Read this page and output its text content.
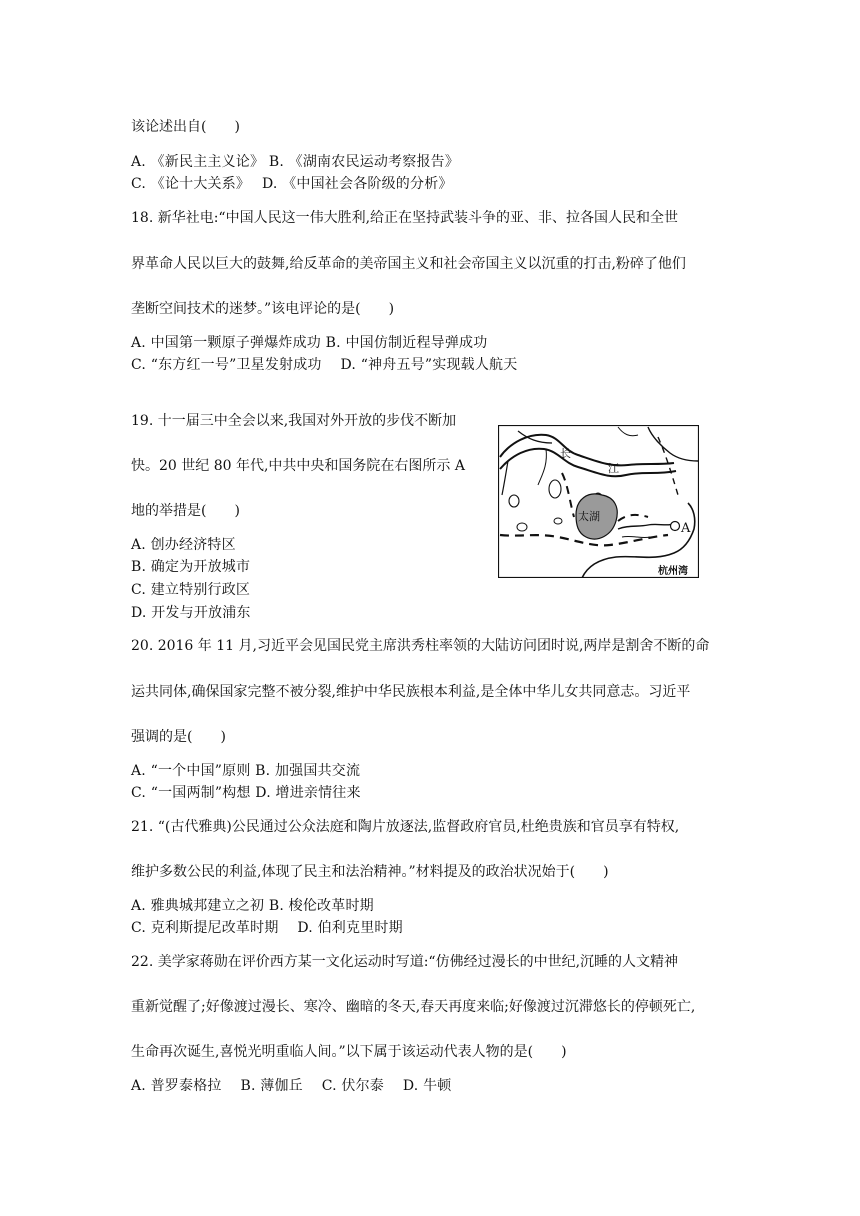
该论述出自(　　)
A. 《新民主主义论》 B. 《湖南农民运动考察报告》
C. 《论十大关系》　 D. 《中国社会各阶级的分析》
18. 新华社电:“中国人民这一伟大胜利,给正在坚持武装斗争的亚、非、拉各国人民和全世
界革命人民以巨大的鼓舞,给反革命的美帝国主义和社会帝国主义以沉重的打击,粉碎了他们
垄断空间技术的迷梦。”该电评论的是(　　)
A. 中国第一颗原子弹爆炸成功 B. 中国仿制近程导弹成功
C. “东方红一号”卫星发射成功　 D. “神舟五号”实现载人航天
19. 十一届三中全会以来,我国对外开放的步伐不断加
快。20 世纪 80 年代,中共中央和国务院在右图所示 A
地的举措是(　　)
A. 创办经济特区
B. 确定为开放城市
C. 建立特别行政区
D. 开发与开放浦东
长
江
太湖
A
杭州湾
20. 2016 年 11 月,习近平会见国民党主席洪秀柱率领的大陆访问团时说,两岸是割舍不断的命
运共同体,确保国家完整不被分裂,维护中华民族根本利益,是全体中华儿女共同意志。习近平
强调的是(　　)
A. “一个中国”原则 B. 加强国共交流
C. “一国两制”构想 D. 增进亲情往来
21. “(古代雅典)公民通过公众法庭和陶片放逐法,监督政府官员,杜绝贵族和官员享有特权,
维护多数公民的利益,体现了民主和法治精神。”材料提及的政治状况始于(　　)
A. 雅典城邦建立之初 B. 梭伦改革时期
C. 克利斯提尼改革时期　 D. 伯利克里时期
22. 美学家蒋勋在评价西方某一文化运动时写道:“仿佛经过漫长的中世纪,沉睡的人文精神
重新觉醒了;好像渡过漫长、寒冷、幽暗的冬天,春天再度来临;好像渡过沉滞悠长的停顿死亡,
生命再次诞生,喜悦光明重临人间。”以下属于该运动代表人物的是(　　)
A. 普罗泰格拉　 B. 薄伽丘　 C. 伏尔泰　 D. 牛顿
